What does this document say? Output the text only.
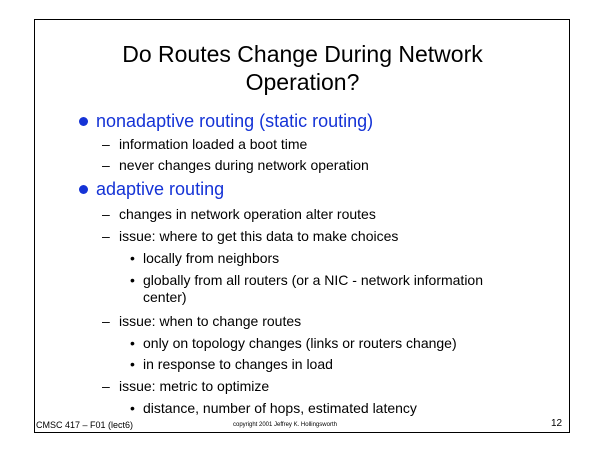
Do Routes Change During Network
Operation?
nonadaptive routing (static routing)
– information loaded a boot time
– never changes during network operation
adaptive routing
– changes in network operation alter routes
– issue: where to get this data to make choices
• locally from neighbors
• globally from all routers (or a NIC - network information
center)
– issue: when to change routes
• only on topology changes (links or routers change)
• in response to changes in load
– issue: metric to optimize
• distance, number of hops, estimated latency
CMSC 417 – F01 (lect6)	copyright 2001 Jeffrey K. Hollingsworth	12
